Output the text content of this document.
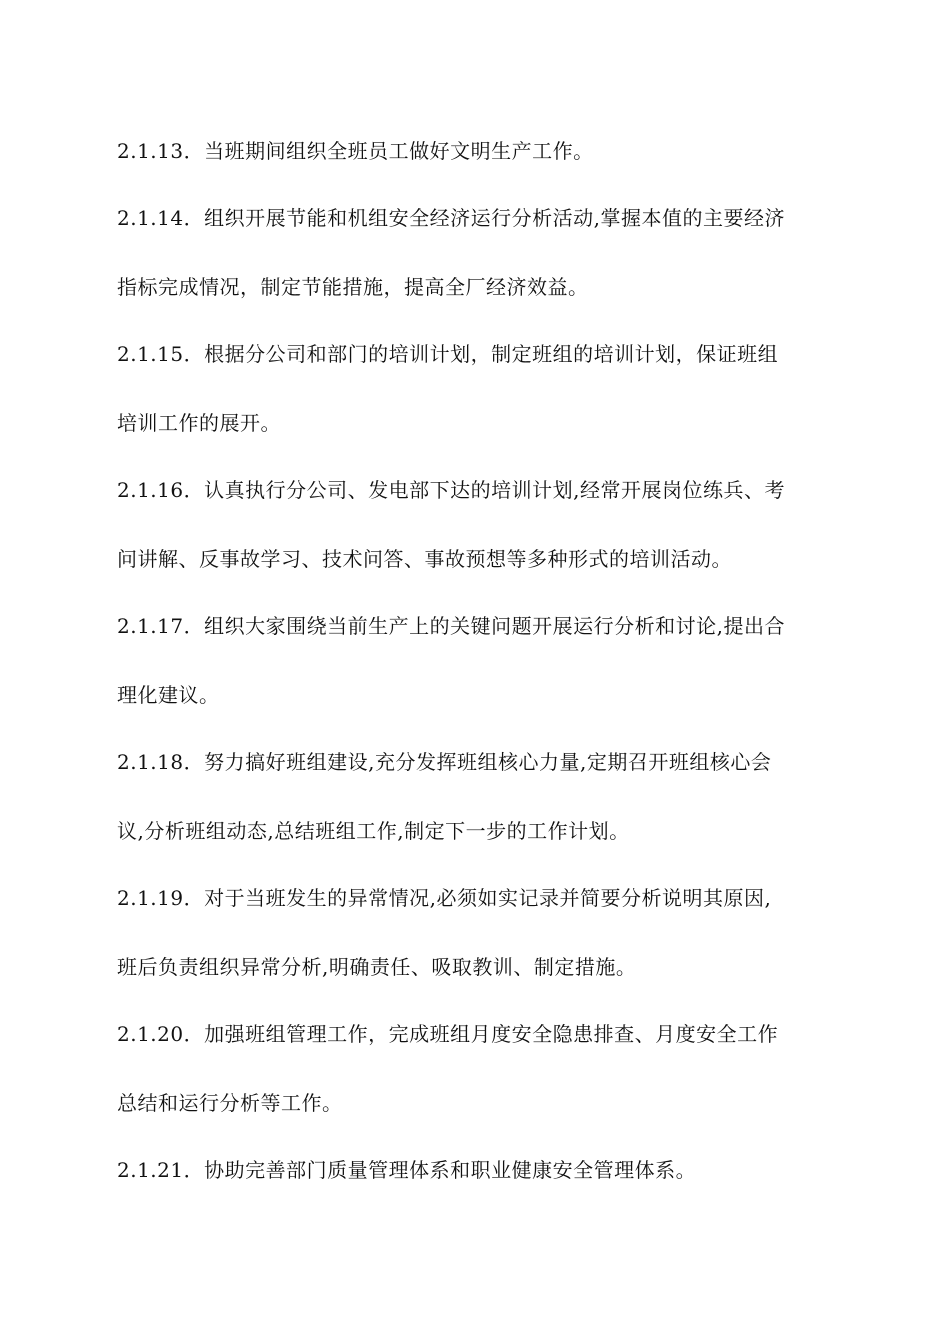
2.1.13．当班期间组织全班员工做好文明生产工作。
2.1.14．组织开展节能和机组安全经济运行分析活动,掌握本值的主要经济
指标完成情况，制定节能措施，提高全厂经济效益。
2.1.15．根据分公司和部门的培训计划，制定班组的培训计划，保证班组
培训工作的展开。
2.1.16．认真执行分公司、发电部下达的培训计划,经常开展岗位练兵、考
问讲解、反事故学习、技术问答、事故预想等多种形式的培训活动。
2.1.17．组织大家围绕当前生产上的关键问题开展运行分析和讨论,提出合
理化建议。
2.1.18．努力搞好班组建设,充分发挥班组核心力量,定期召开班组核心会
议,分析班组动态,总结班组工作,制定下一步的工作计划。
2.1.19．对于当班发生的异常情况,必须如实记录并简要分析说明其原因,
班后负责组织异常分析,明确责任、吸取教训、制定措施。
2.1.20．加强班组管理工作，完成班组月度安全隐患排查、月度安全工作
总结和运行分析等工作。
2.1.21．协助完善部门质量管理体系和职业健康安全管理体系。
